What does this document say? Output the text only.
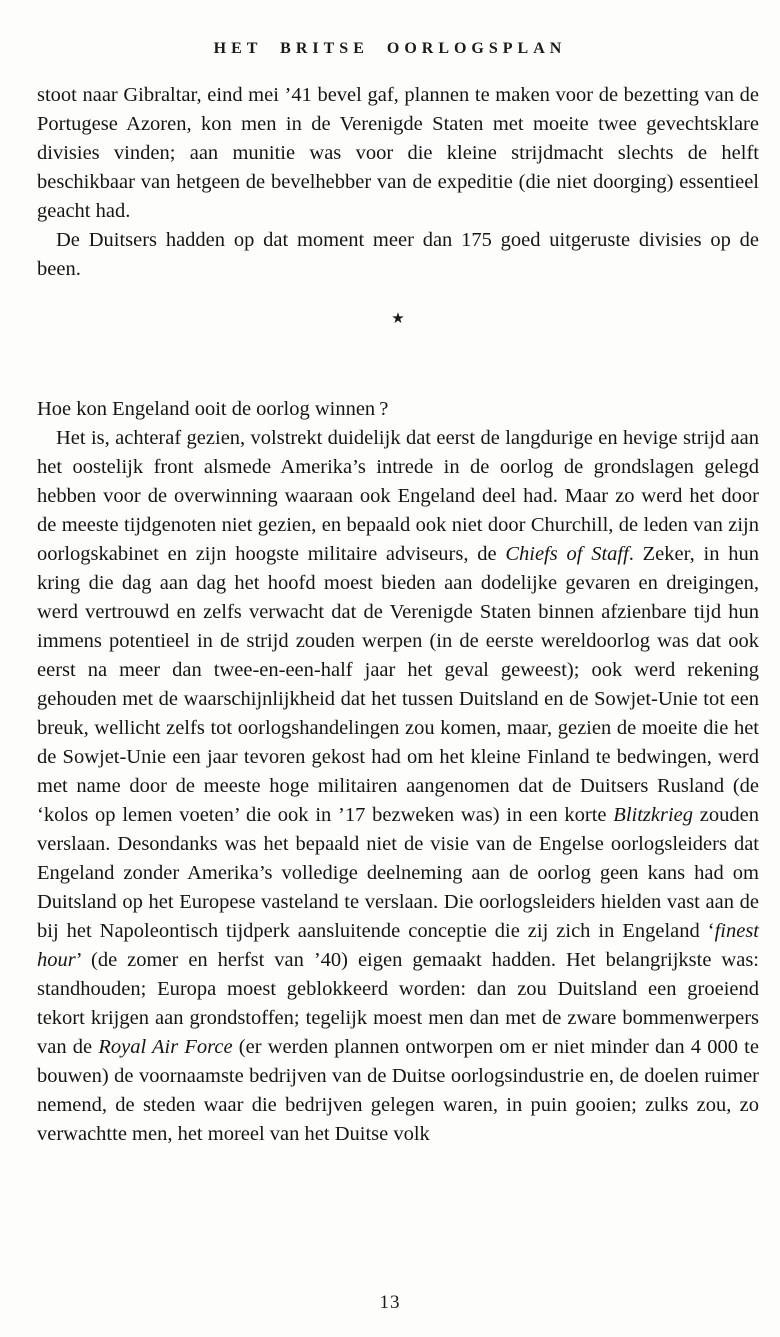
HET BRITSE OORLOGSPLAN

stoot naar Gibraltar, eind mei ’41 bevel gaf, plannen te maken voor de bezetting van de Portugese Azoren, kon men in de Verenigde Staten met moeite twee gevechtsklare divisies vinden; aan munitie was voor die kleine strijdmacht slechts de helft beschikbaar van hetgeen de bevelhebber van de expeditie (die niet doorging) essentieel geacht had.

De Duitsers hadden op dat moment meer dan 175 goed uitgeruste divisies op de been.

★

Hoe kon Engeland ooit de oorlog winnen ?

Het is, achteraf gezien, volstrekt duidelijk dat eerst de langdurige en hevige strijd aan het oostelijk front alsmede Amerika’s intrede in de oorlog de grondslagen gelegd hebben voor de overwinning waaraan ook Engeland deel had. Maar zo werd het door de meeste tijdgenoten niet gezien, en bepaald ook niet door Churchill, de leden van zijn oorlogskabinet en zijn hoogste militaire adviseurs, de Chiefs of Staff. Zeker, in hun kring die dag aan dag het hoofd moest bieden aan dodelijke gevaren en dreigingen, werd vertrouwd en zelfs verwacht dat de Verenigde Staten binnen afzienbare tijd hun immens potentieel in de strijd zouden werpen (in de eerste wereldoorlog was dat ook eerst na meer dan twee-en-een-half jaar het geval geweest); ook werd rekening gehouden met de waarschijnlijkheid dat het tussen Duitsland en de Sowjet-Unie tot een breuk, wellicht zelfs tot oorlogshandelingen zou komen, maar, gezien de moeite die het de Sowjet-Unie een jaar tevoren gekost had om het kleine Finland te bedwingen, werd met name door de meeste hoge militairen aangenomen dat de Duitsers Rusland (de ‘kolos op lemen voeten’ die ook in ’17 bezweken was) in een korte Blitzkrieg zouden verslaan. Desondanks was het bepaald niet de visie van de Engelse oorlogsleiders dat Engeland zonder Amerika’s volledige deelneming aan de oorlog geen kans had om Duitsland op het Europese vasteland te verslaan. Die oorlogsleiders hielden vast aan de bij het Napoleontisch tijdperk aansluitende conceptie die zij zich in Engeland ‘finest hour’ (de zomer en herfst van ’40) eigen gemaakt hadden. Het belangrijkste was: standhouden; Europa moest geblokkeerd worden: dan zou Duitsland een groeiend tekort krijgen aan grondstoffen; tegelijk moest men dan met de zware bommenwerpers van de Royal Air Force (er werden plannen ontworpen om er niet minder dan 4 000 te bouwen) de voornaamste bedrijven van de Duitse oorlogsindustrie en, de doelen ruimer nemend, de steden waar die bedrijven gelegen waren, in puin gooien; zulks zou, zo verwachtte men, het moreel van het Duitse volk

13
